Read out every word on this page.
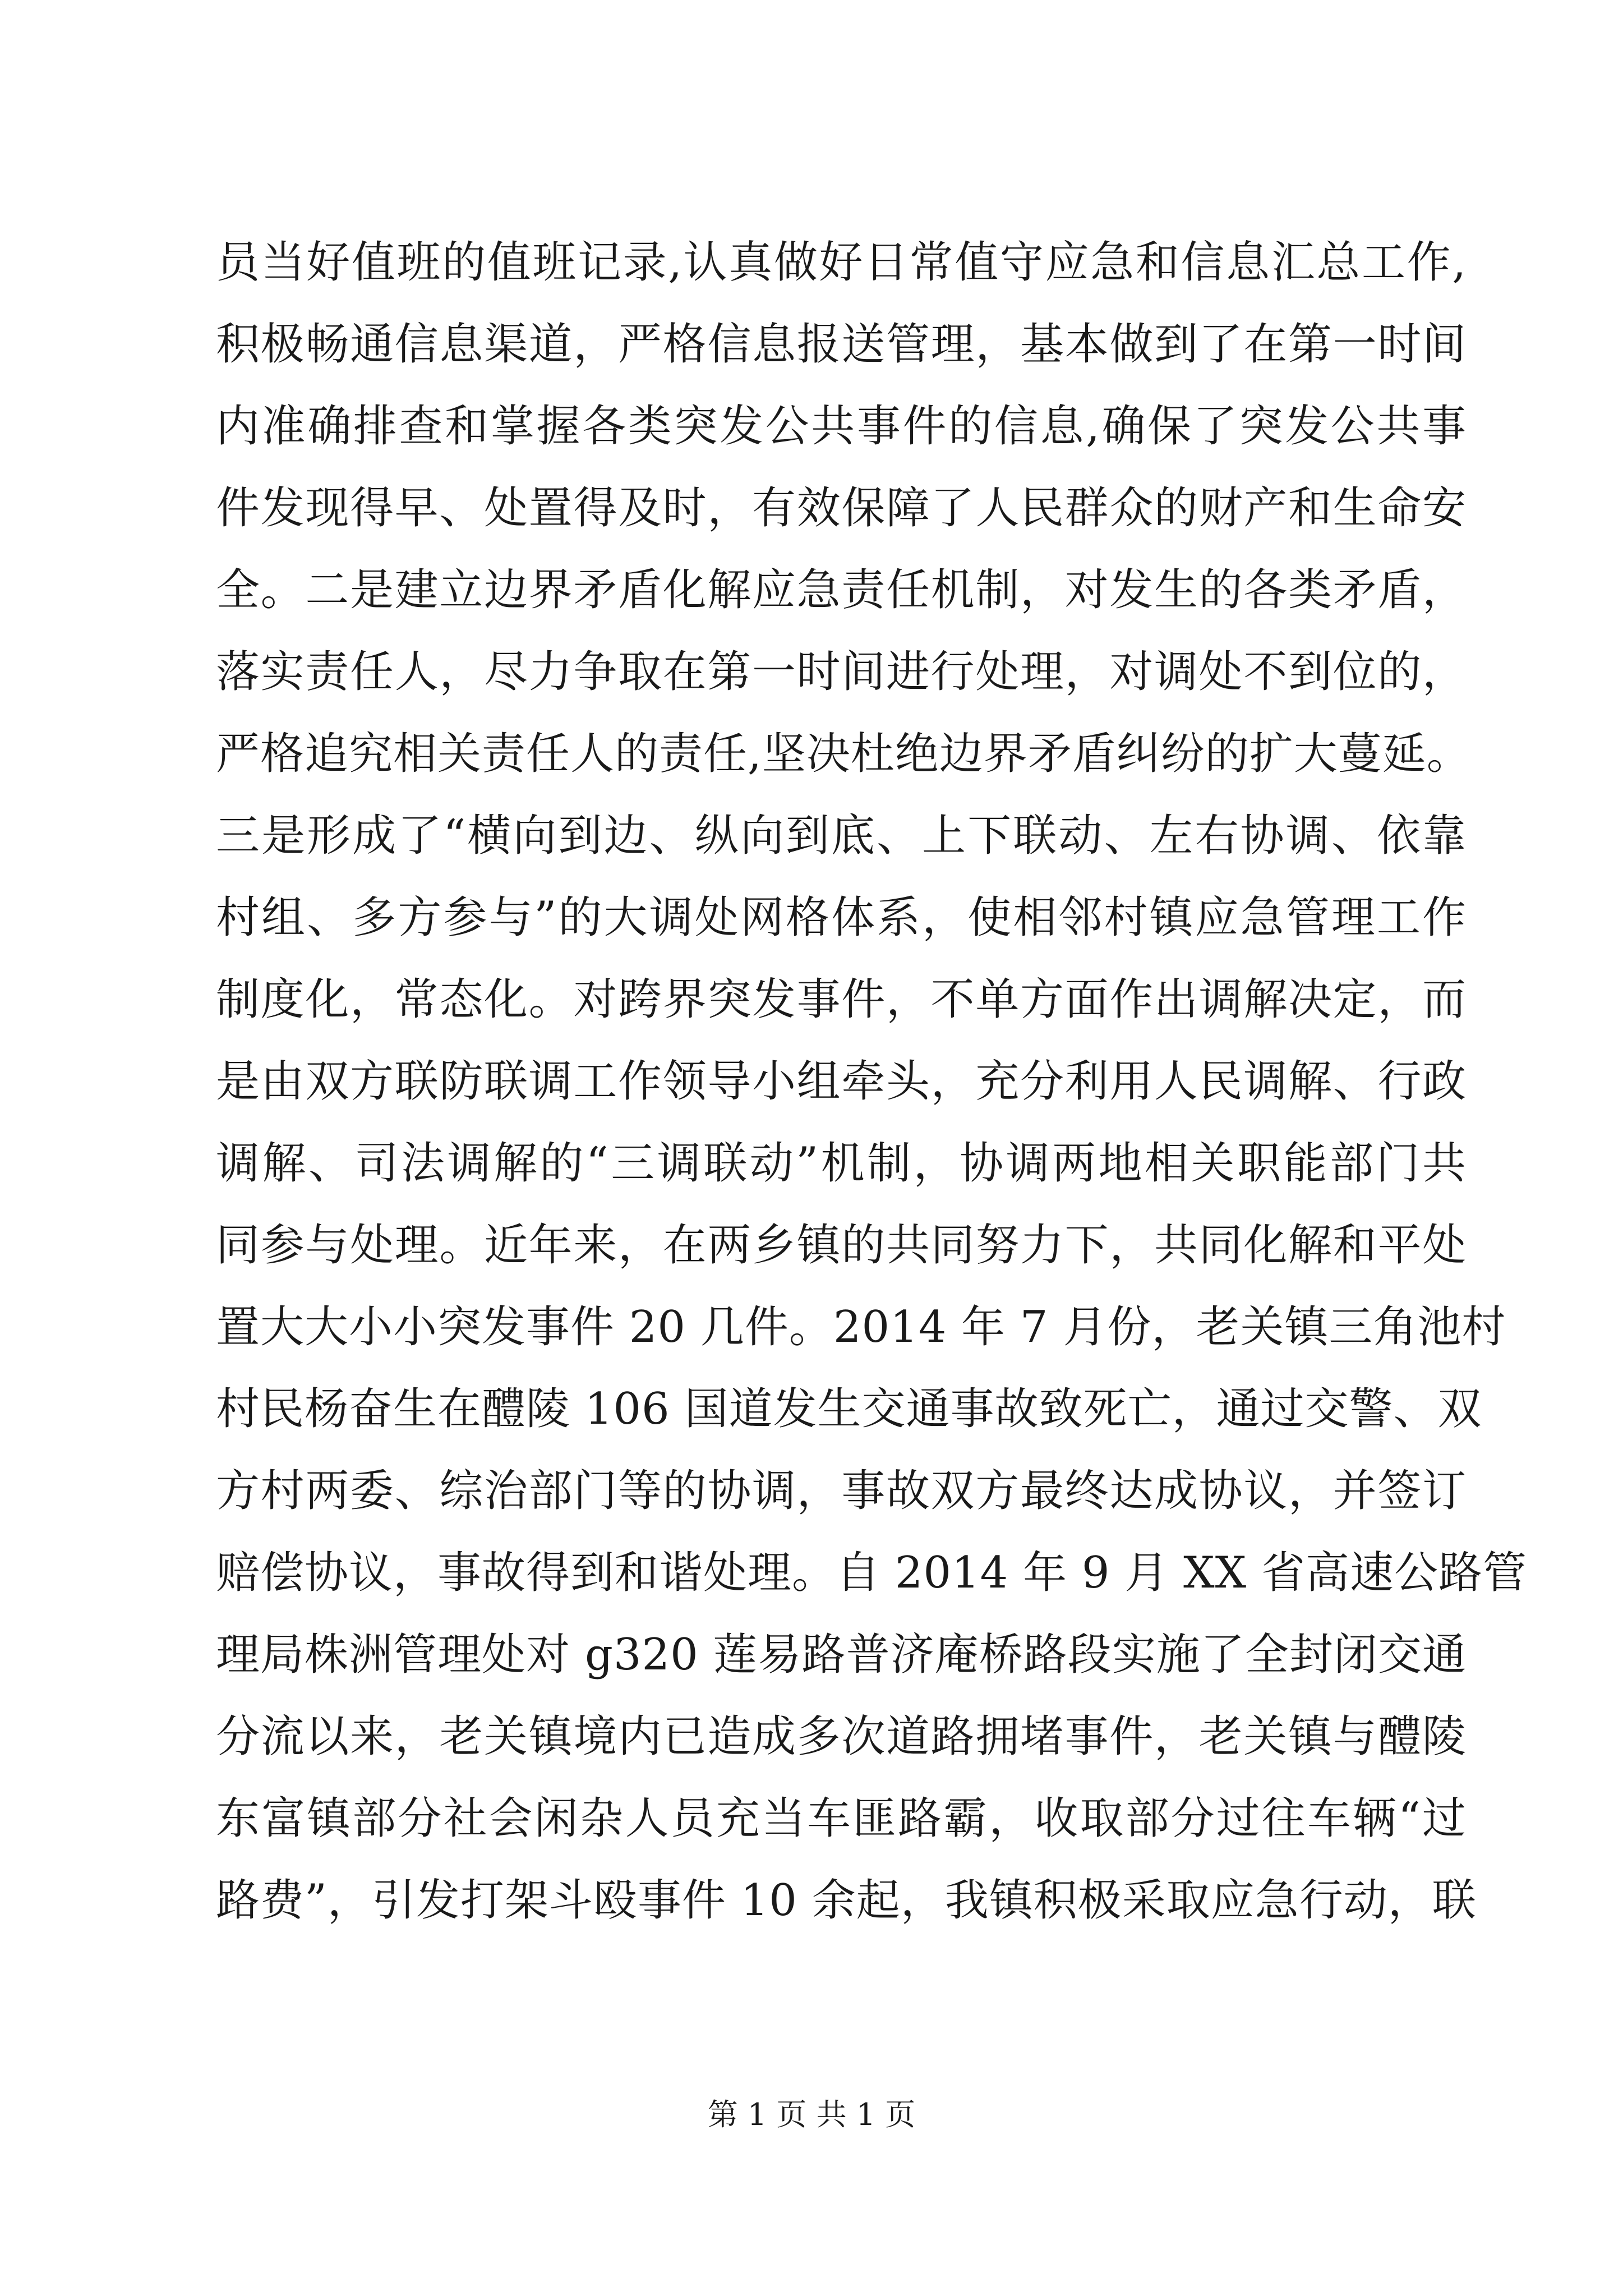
员当好值班的值班记录,认真做好日常值守应急和信息汇总工作,
积极畅通信息渠道，严格信息报送管理，基本做到了在第一时间
内准确排查和掌握各类突发公共事件的信息,确保了突发公共事
件发现得早、处置得及时，有效保障了人民群众的财产和生命安
全。二是建立边界矛盾化解应急责任机制，对发生的各类矛盾，
落实责任人，尽力争取在第一时间进行处理，对调处不到位的，
严格追究相关责任人的责任,坚决杜绝边界矛盾纠纷的扩大蔓延。
三是形成了“横向到边、纵向到底、上下联动、左右协调、依靠
村组、多方参与”的大调处网格体系，使相邻村镇应急管理工作
制度化，常态化。对跨界突发事件，不单方面作出调解决定，而
是由双方联防联调工作领导小组牵头，充分利用人民调解、行政
调解、司法调解的“三调联动”机制，协调两地相关职能部门共
同参与处理。近年来，在两乡镇的共同努力下，共同化解和平处
置大大小小突发事件 20 几件。2014 年 7 月份，老关镇三角池村
村民杨奋生在醴陵 106 国道发生交通事故致死亡，通过交警、双
方村两委、综治部门等的协调，事故双方最终达成协议，并签订
赔偿协议，事故得到和谐处理。自 2014 年 9 月 XX 省高速公路管
理局株洲管理处对 g320 莲易路普济庵桥路段实施了全封闭交通
分流以来，老关镇境内已造成多次道路拥堵事件，老关镇与醴陵
东富镇部分社会闲杂人员充当车匪路霸，收取部分过往车辆“过
路费”，引发打架斗殴事件 10 余起，我镇积极采取应急行动，联
第 1 页 共 1 页
